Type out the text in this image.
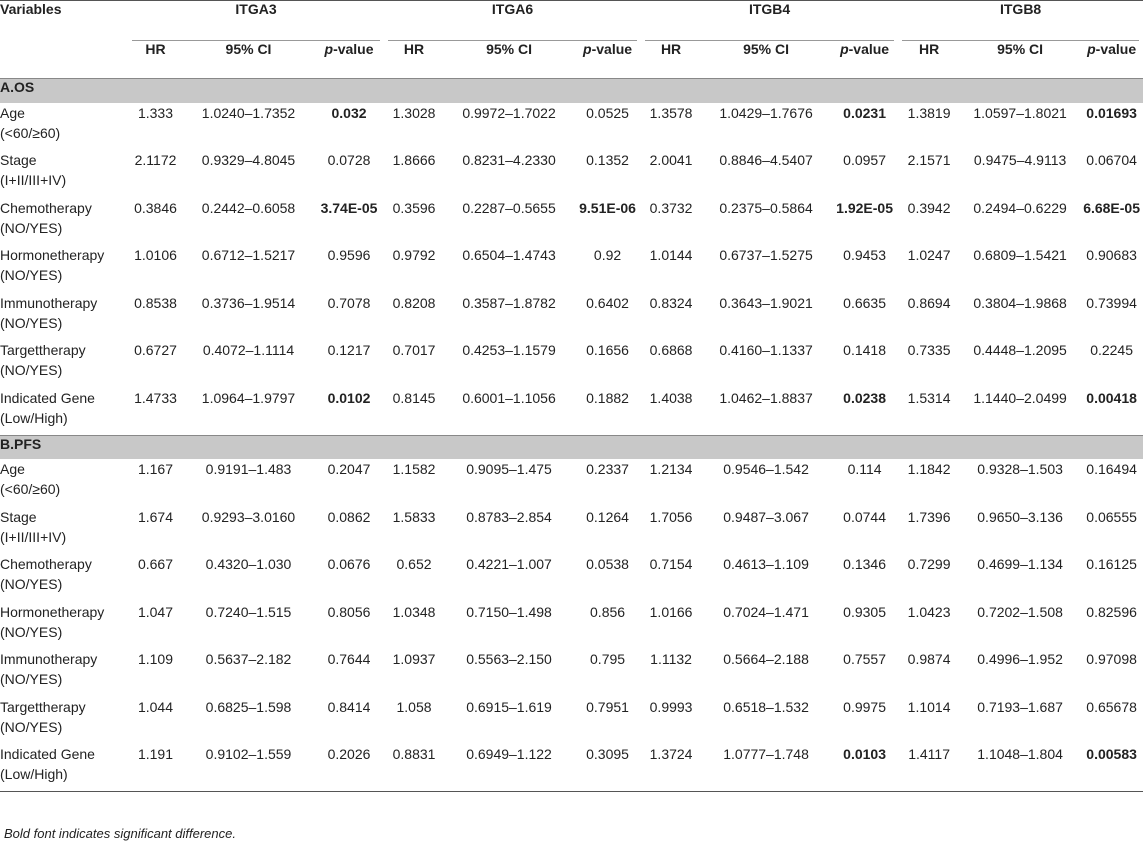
Variables	ITGA3			ITGA6			ITGB4			ITGB8		

	HR	95% CI	p-value	HR	95% CI	p-value	HR	95% CI	p-value	HR	95% CI	p-value
A.OS												

Age
(<60/≥60)	1.333	1.0240–1.7352	0.032	1.3028	0.9972–1.7022	0.0525	1.3578	1.0429–1.7676	0.0231	1.3819	1.0597–1.8021	0.01693

Stage
(I+II/III+IV)	2.1172	0.9329–4.8045	0.0728	1.8666	0.8231–4.2330	0.1352	2.0041	0.8846–4.5407	0.0957	2.1571	0.9475–4.9113	0.06704

Chemotherapy
(NO/YES)	0.3846	0.2442–0.6058	3.74E-05	0.3596	0.2287–0.5655	9.51E-06	0.3732	0.2375–0.5864	1.92E-05	0.3942	0.2494–0.6229	6.68E-05

Hormonetherapy
(NO/YES)	1.0106	0.6712–1.5217	0.9596	0.9792	0.6504–1.4743	0.92	1.0144	0.6737–1.5275	0.9453	1.0247	0.6809–1.5421	0.90683

Immunotherapy
(NO/YES)	0.8538	0.3736–1.9514	0.7078	0.8208	0.3587–1.8782	0.6402	0.8324	0.3643–1.9021	0.6635	0.8694	0.3804–1.9868	0.73994

Targettherapy
(NO/YES)	0.6727	0.4072–1.1114	0.1217	0.7017	0.4253–1.1579	0.1656	0.6868	0.4160–1.1337	0.1418	0.7335	0.4448–1.2095	0.2245

Indicated Gene
(Low/High)	1.4733	1.0964–1.9797	0.0102	0.8145	0.6001–1.1056	0.1882	1.4038	1.0462–1.8837	0.0238	1.5314	1.1440–2.0499	0.00418
B.PFS												

Age
(<60/≥60)	1.167	0.9191–1.483	0.2047	1.1582	0.9095–1.475	0.2337	1.2134	0.9546–1.542	0.114	1.1842	0.9328–1.503	0.16494

Stage
(I+II/III+IV)	1.674	0.9293–3.0160	0.0862	1.5833	0.8783–2.854	0.1264	1.7056	0.9487–3.067	0.0744	1.7396	0.9650–3.136	0.06555

Chemotherapy
(NO/YES)	0.667	0.4320–1.030	0.0676	0.652	0.4221–1.007	0.0538	0.7154	0.4613–1.109	0.1346	0.7299	0.4699–1.134	0.16125

Hormonetherapy
(NO/YES)	1.047	0.7240–1.515	0.8056	1.0348	0.7150–1.498	0.856	1.0166	0.7024–1.471	0.9305	1.0423	0.7202–1.508	0.82596

Immunotherapy
(NO/YES)	1.109	0.5637–2.182	0.7644	1.0937	0.5563–2.150	0.795	1.1132	0.5664–2.188	0.7557	0.9874	0.4996–1.952	0.97098

Targettherapy
(NO/YES)	1.044	0.6825–1.598	0.8414	1.058	0.6915–1.619	0.7951	0.9993	0.6518–1.532	0.9975	1.1014	0.7193–1.687	0.65678

Indicated Gene
(Low/High)	1.191	0.9102–1.559	0.2026	0.8831	0.6949–1.122	0.3095	1.3724	1.0777–1.748	0.0103	1.4117	1.1048–1.804	0.00583

Bold font indicates significant difference.
